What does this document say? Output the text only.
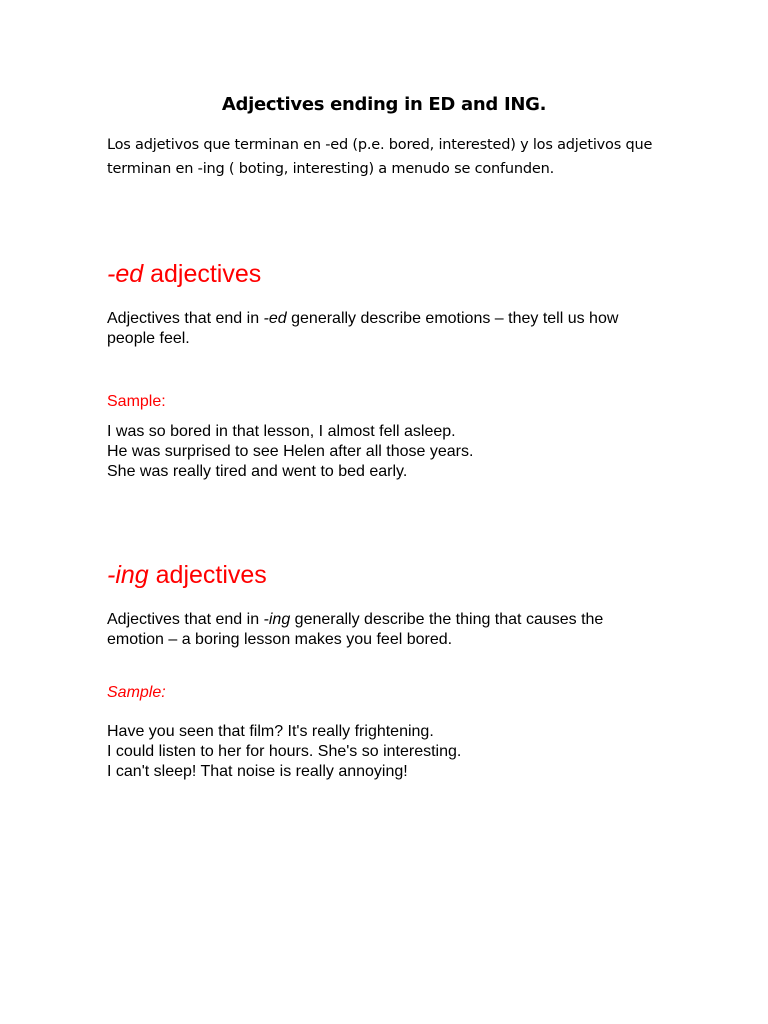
Adjectives ending in ED and ING.

Los adjetivos que terminan en -ed (p.e. bored, interested) y los adjetivos que
terminan en -ing ( boting, interesting) a menudo se confunden.

-ed adjectives

Adjectives that end in -ed generally describe emotions – they tell us how
people feel.

Sample:

I was so bored in that lesson, I almost fell asleep.
He was surprised to see Helen after all those years.
She was really tired and went to bed early.

-ing adjectives

Adjectives that end in -ing generally describe the thing that causes the
emotion – a boring lesson makes you feel bored.

Sample:

Have you seen that film? It's really frightening.
I could listen to her for hours. She's so interesting.
I can't sleep! That noise is really annoying!
